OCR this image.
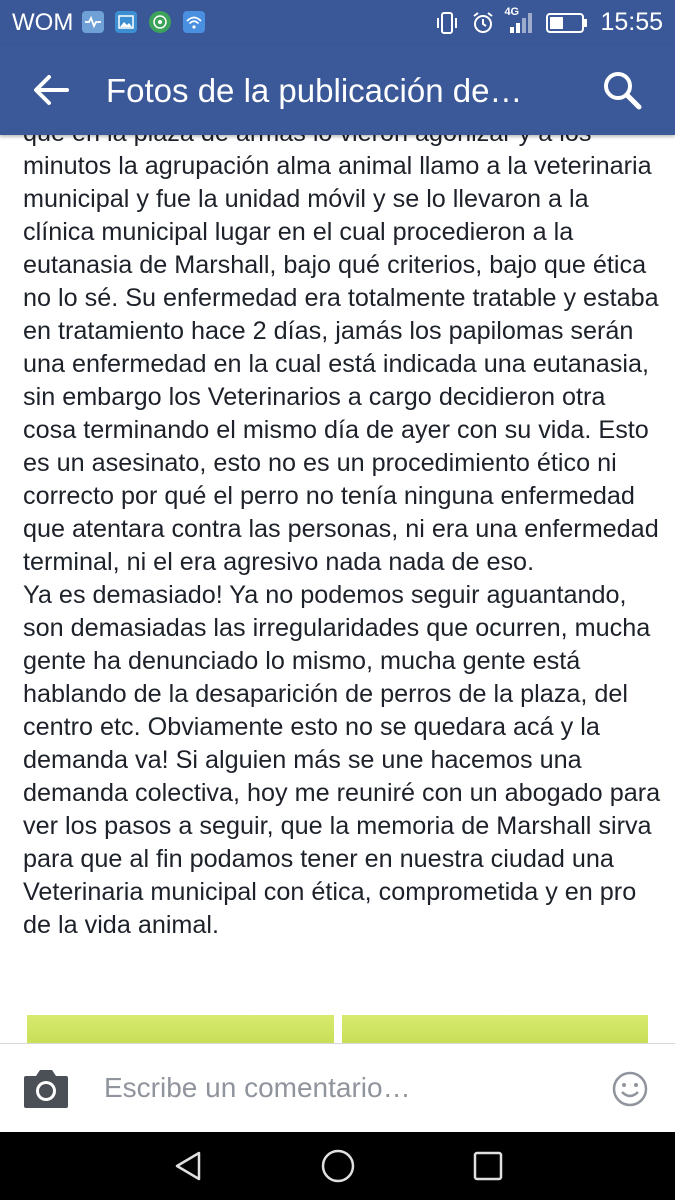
WOM	4G	15:55
Fotos de la publicación de…

minutos la agrupación alma animal llamo a la veterinaria municipal y fue la unidad móvil y se lo llevaron a la clínica municipal lugar en el cual procedieron a la eutanasia de Marshall, bajo qué criterios, bajo que ética no lo sé. Su enfermedad era totalmente tratable y estaba en tratamiento hace 2 días, jamás los papilomas serán una enfermedad en la cual está indicada una eutanasia, sin embargo los Veterinarios a cargo decidieron otra cosa terminando el mismo día de ayer con su vida. Esto es un asesinato, esto no es un procedimiento ético ni correcto por qué el perro no tenía ninguna enfermedad que atentara contra las personas, ni era una enfermedad terminal, ni el era agresivo nada nada de eso.
Ya es demasiado! Ya no podemos seguir aguantando, son demasiadas las irregularidades que ocurren, mucha gente ha denunciado lo mismo, mucha gente está hablando de la desaparición de perros de la plaza, del centro etc. Obviamente esto no se quedara acá y la demanda va! Si alguien más se une hacemos una demanda colectiva, hoy me reuniré con un abogado para ver los pasos a seguir, que la memoria de Marshall sirva para que al fin podamos tener en nuestra ciudad una Veterinaria municipal con ética, comprometida y en pro de la vida animal.

Escribe un comentario…
